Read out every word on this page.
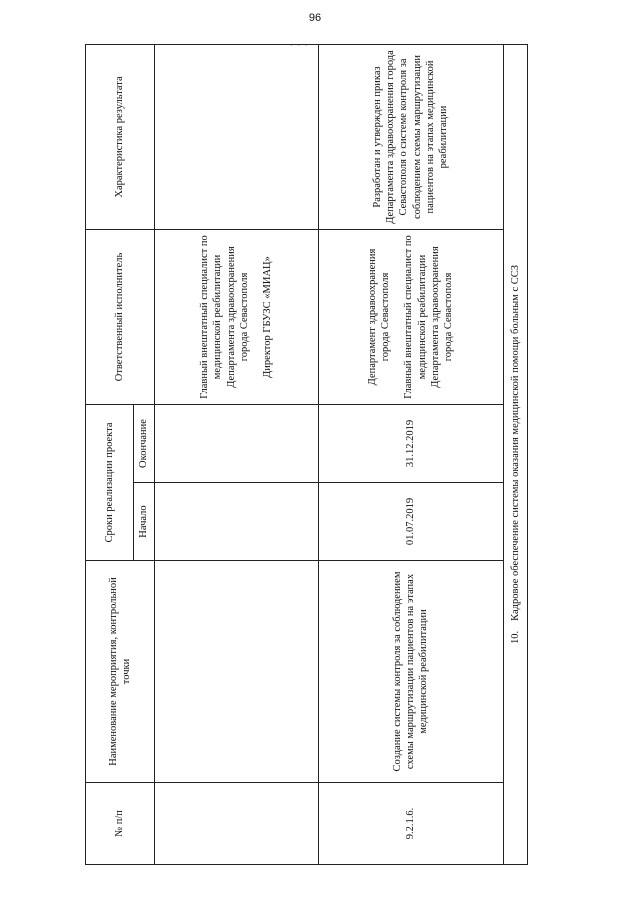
96
· · ·
№ п/п	Наименование мероприятия, контрольной точки	Сроки реализации проекта		Ответственный исполнитель	Характеристика результата
		Начало	Окончание		

				Главный внештатный специалист по медицинской реабилитации Департамента здравоохранения города Севастополя Директор ГБУЗС «МИАЦ»	

9.2.1.6.	Создание системы контроля за соблюдением схемы маршрутизации пациентов на этапах медицинской реабилитации	01.07.2019	31.12.2019	Департамент здравоохранения города Севастополя Главный внештатный специалист по медицинской реабилитации Департамента здравоохранения города Севастополя	Разработан и утвержден приказ Департамента здравоохранения города Севастополя о системе контроля за соблюдением схемы маршрутизации пациентов на этапах медицинской реабилитации
10.Кадровое обеспечение системы оказания медицинской помощи больным с ССЗ					
